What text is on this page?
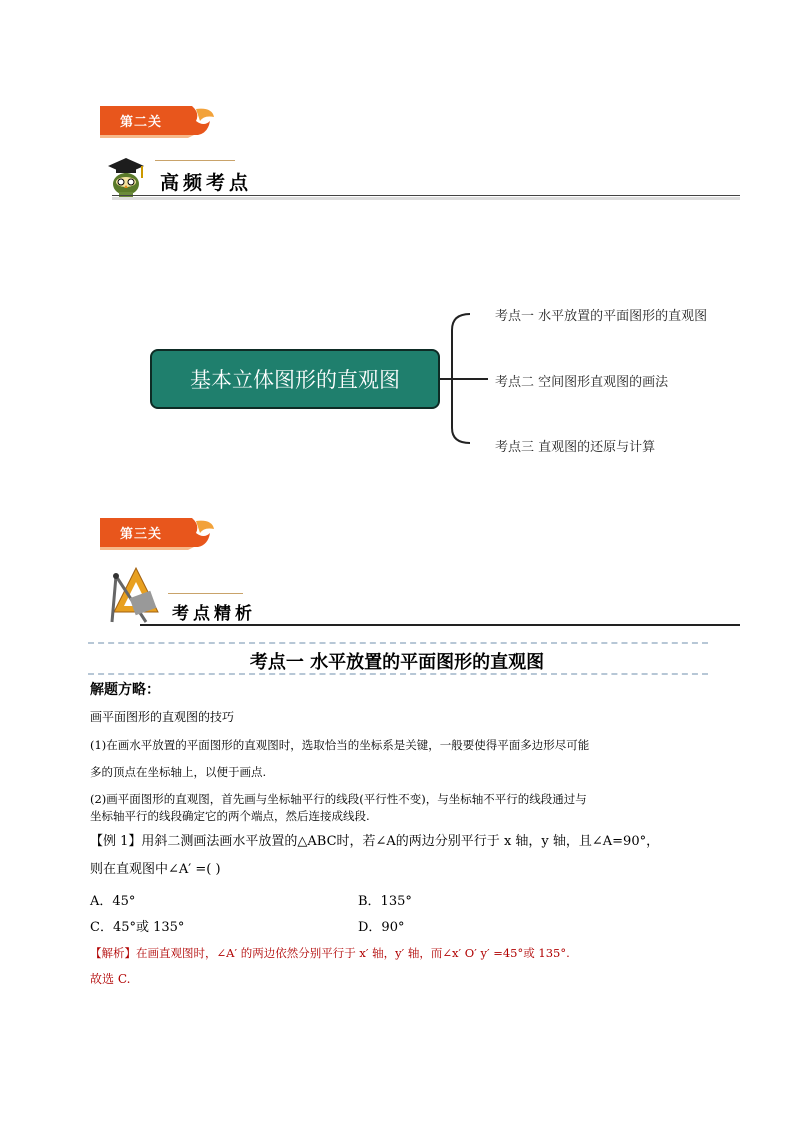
第二关
高频考点
基本立体图形的直观图
考点一 水平放置的平面图形的直观图
考点二 空间图形直观图的画法
考点三 直观图的还原与计算
第三关
考点精析
考点一 水平放置的平面图形的直观图
解题方略：
画平面图形的直观图的技巧
(1)在画水平放置的平面图形的直观图时，选取恰当的坐标系是关键，一般要使得平面多边形尽可能
多的顶点在坐标轴上，以便于画点.
(2)画平面图形的直观图，首先画与坐标轴平行的线段(平行性不变)，与坐标轴不平行的线段通过与
坐标轴平行的线段确定它的两个端点，然后连接成线段.
【例 1】用斜二测画法画水平放置的△ABC时，若∠A的两边分别平行于 x 轴，y 轴，且∠A=90°，
则在直观图中∠A′ =( )
A．45°	B．135°
C．45°或 135°	D．90°
【解析】在画直观图时，∠A′ 的两边依然分别平行于 x′ 轴，y′ 轴，而∠x′ O′ y′ =45°或 135°.
故选 C.
